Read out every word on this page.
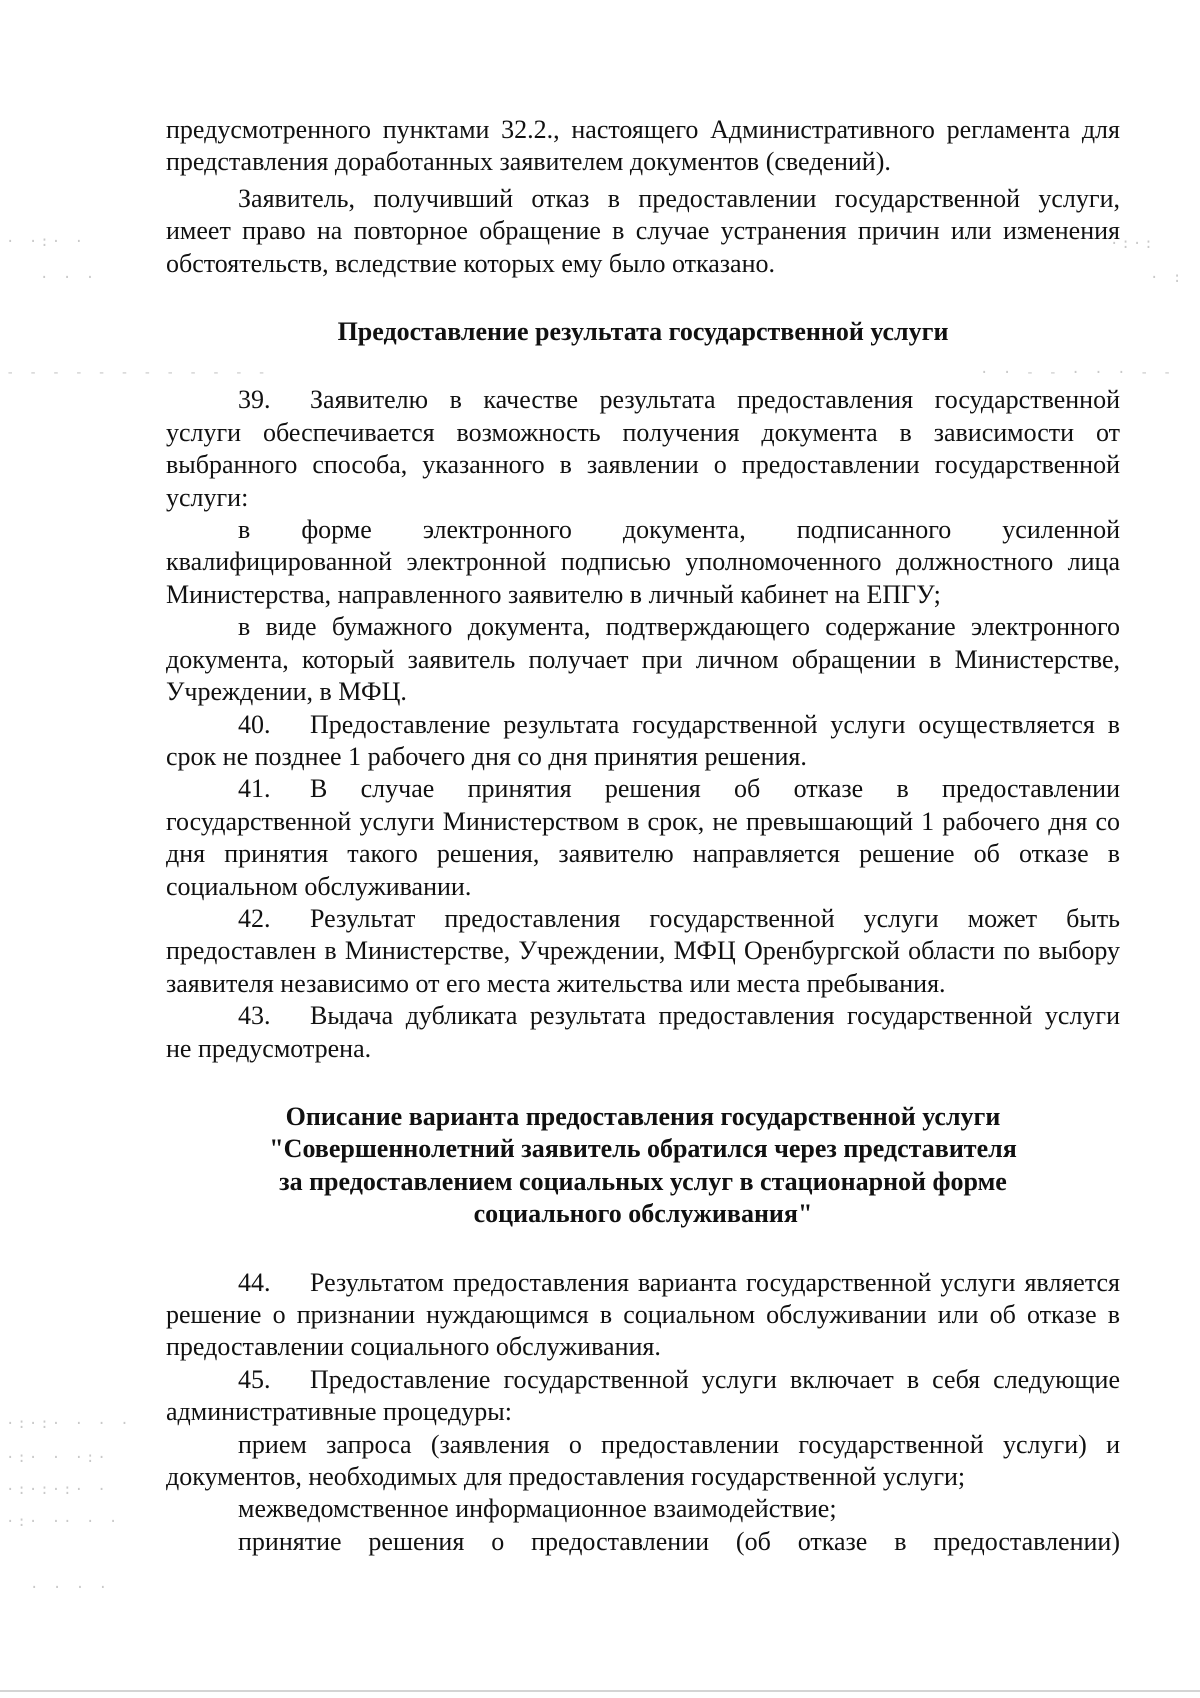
· ·:· ·	·:·:
· · ·	· :
- - - - - - - - - - - -	· · - - · · · - -
·:·:· · · ·
·:· · ·:·
·:·:·:· ·
·:· ·· · ·
· · · ·

предусмотренного пунктами 32.2., настоящего Административного регламента для представления доработанных заявителем документов (сведений).

Заявитель, получивший отказ в предоставлении государственной услуги, имеет право на повторное обращение в случае устранения причин или изменения обстоятельств, вследствие которых ему было отказано.

Предоставление результата государственной услуги

39. Заявителю в качестве результата предоставления государственной услуги обеспечивается возможность получения документа в зависимости от выбранного способа, указанного в заявлении о предоставлении государственной услуги:

в форме электронного документа, подписанного усиленной квалифицированной электронной подписью уполномоченного должностного лица Министерства, направленного заявителю в личный кабинет на ЕПГУ;

в виде бумажного документа, подтверждающего содержание электронного документа, который заявитель получает при личном обращении в Министерстве, Учреждении, в МФЦ.

40. Предоставление результата государственной услуги осуществляется в срок не позднее 1 рабочего дня со дня принятия решения.

41. В случае принятия решения об отказе в предоставлении государственной услуги Министерством в срок, не превышающий 1 рабочего дня со дня принятия такого решения, заявителю направляется решение об отказе в социальном обслуживании.

42. Результат предоставления государственной услуги может быть предоставлен в Министерстве, Учреждении, МФЦ Оренбургской области по выбору заявителя независимо от его места жительства или места пребывания.

43. Выдача дубликата результата предоставления государственной услуги не предусмотрена.

Описание варианта предоставления государственной услуги

"Совершеннолетний заявитель обратился через представителя

за предоставлением социальных услуг в стационарной форме

социального обслуживания"

44. Результатом предоставления варианта государственной услуги является решение о признании нуждающимся в социальном обслуживании или об отказе в предоставлении социального обслуживания.

45. Предоставление государственной услуги включает в себя следующие административные процедуры:

прием запроса (заявления о предоставлении государственной услуги) и документов, необходимых для предоставления государственной услуги;

межведомственное информационное взаимодействие;

принятие решения о предоставлении (об отказе в предоставлении)
